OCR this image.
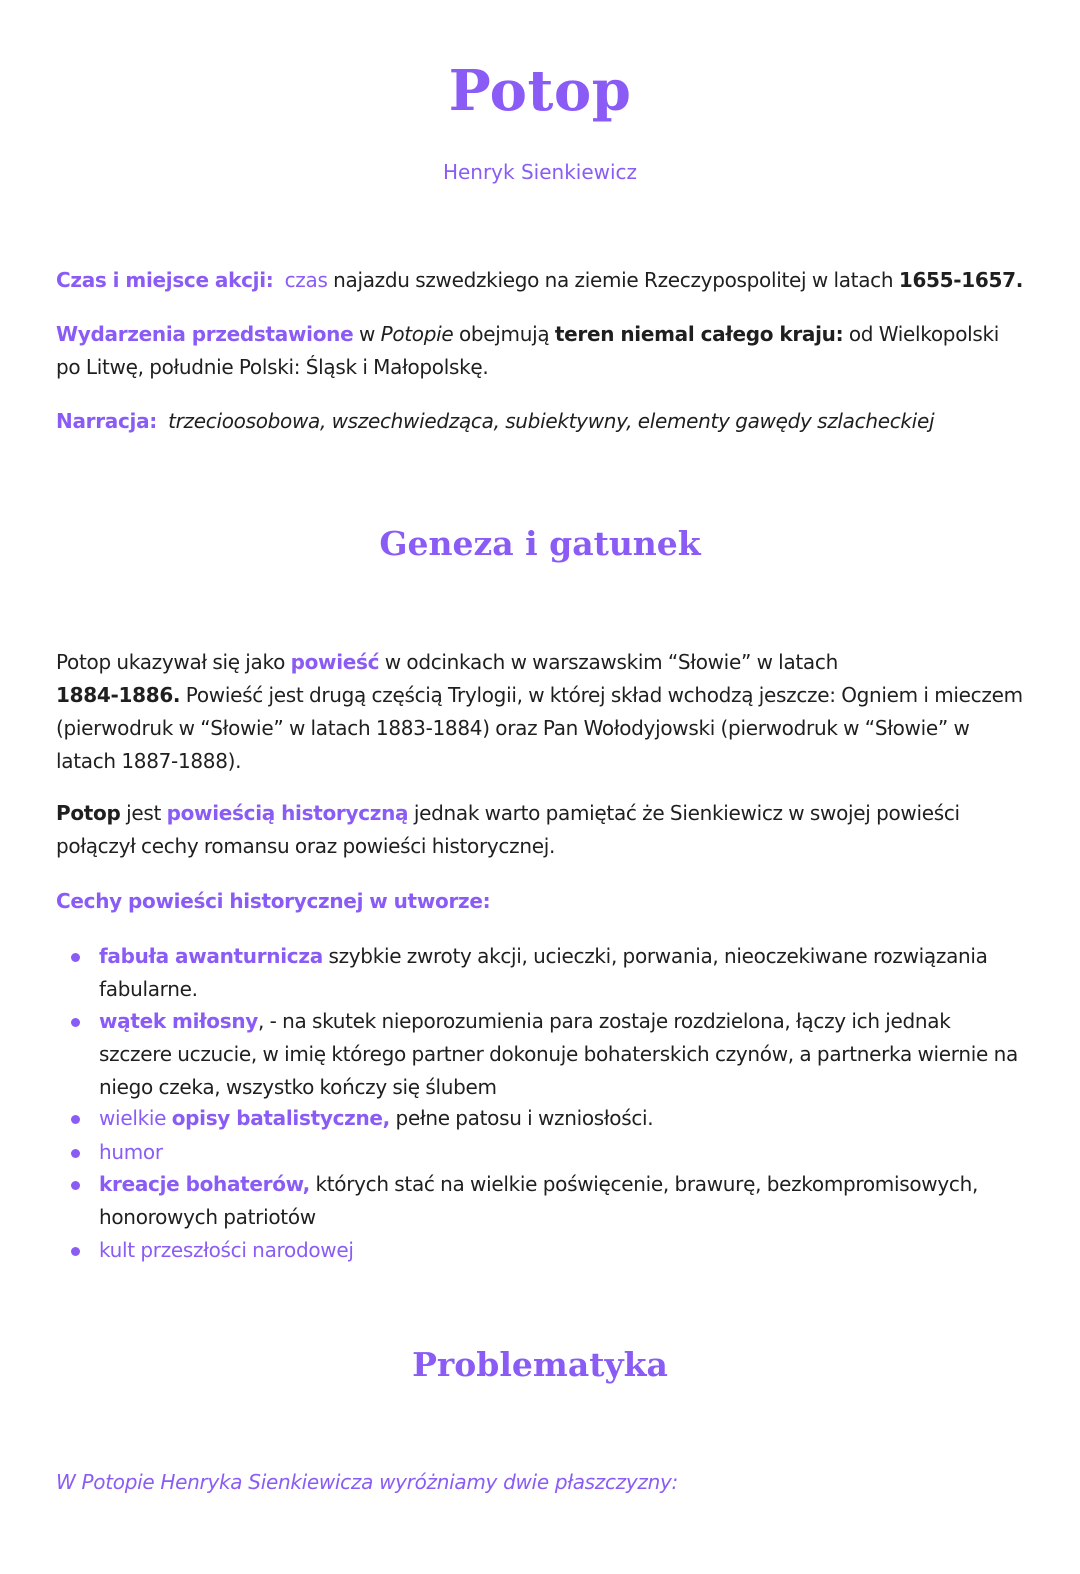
Potop

Henryk Sienkiewicz

Czas i miejsce akcji: czas najazdu szwedzkiego na ziemie Rzeczypospolitej w latach 1655-1657.

Wydarzenia przedstawione w Potopie obejmują teren niemal całego kraju: od Wielkopolski po Litwę, południe Polski: Śląsk i Małopolskę.

Narracja: trzecioosobowa, wszechwiedząca, subiektywny, elementy gawędy szlacheckiej

Geneza i gatunek

Potop ukazywał się jako powieść w odcinkach w warszawskim “Słowie” w latach
1884-1886. Powieść jest drugą częścią Trylogii, w której skład wchodzą jeszcze: Ogniem i mieczem (pierwodruk w “Słowie” w latach 1883-1884) oraz Pan Wołodyjowski (pierwodruk w “Słowie” w latach 1887-1888).

Potop jest powieścią historyczną jednak warto pamiętać że Sienkiewicz w swojej powieści połączył cechy romansu oraz powieści historycznej.

Cechy powieści historycznej w utworze:

fabuła awanturnicza szybkie zwroty akcji, ucieczki, porwania, nieoczekiwane rozwiązania fabularne.
wątek miłosny, - na skutek nieporozumienia para zostaje rozdzielona, łączy ich jednak szczere uczucie, w imię którego partner dokonuje bohaterskich czynów, a partnerka wiernie na niego czeka, wszystko kończy się ślubem
wielkie opisy batalistyczne, pełne patosu i wzniosłości.
humor
kreacje bohaterów, których stać na wielkie poświęcenie, brawurę, bezkompromisowych, honorowych patriotów
kult przeszłości narodowej
Problematyka

W Potopie Henryka Sienkiewicza wyróżniamy dwie płaszczyzny:
